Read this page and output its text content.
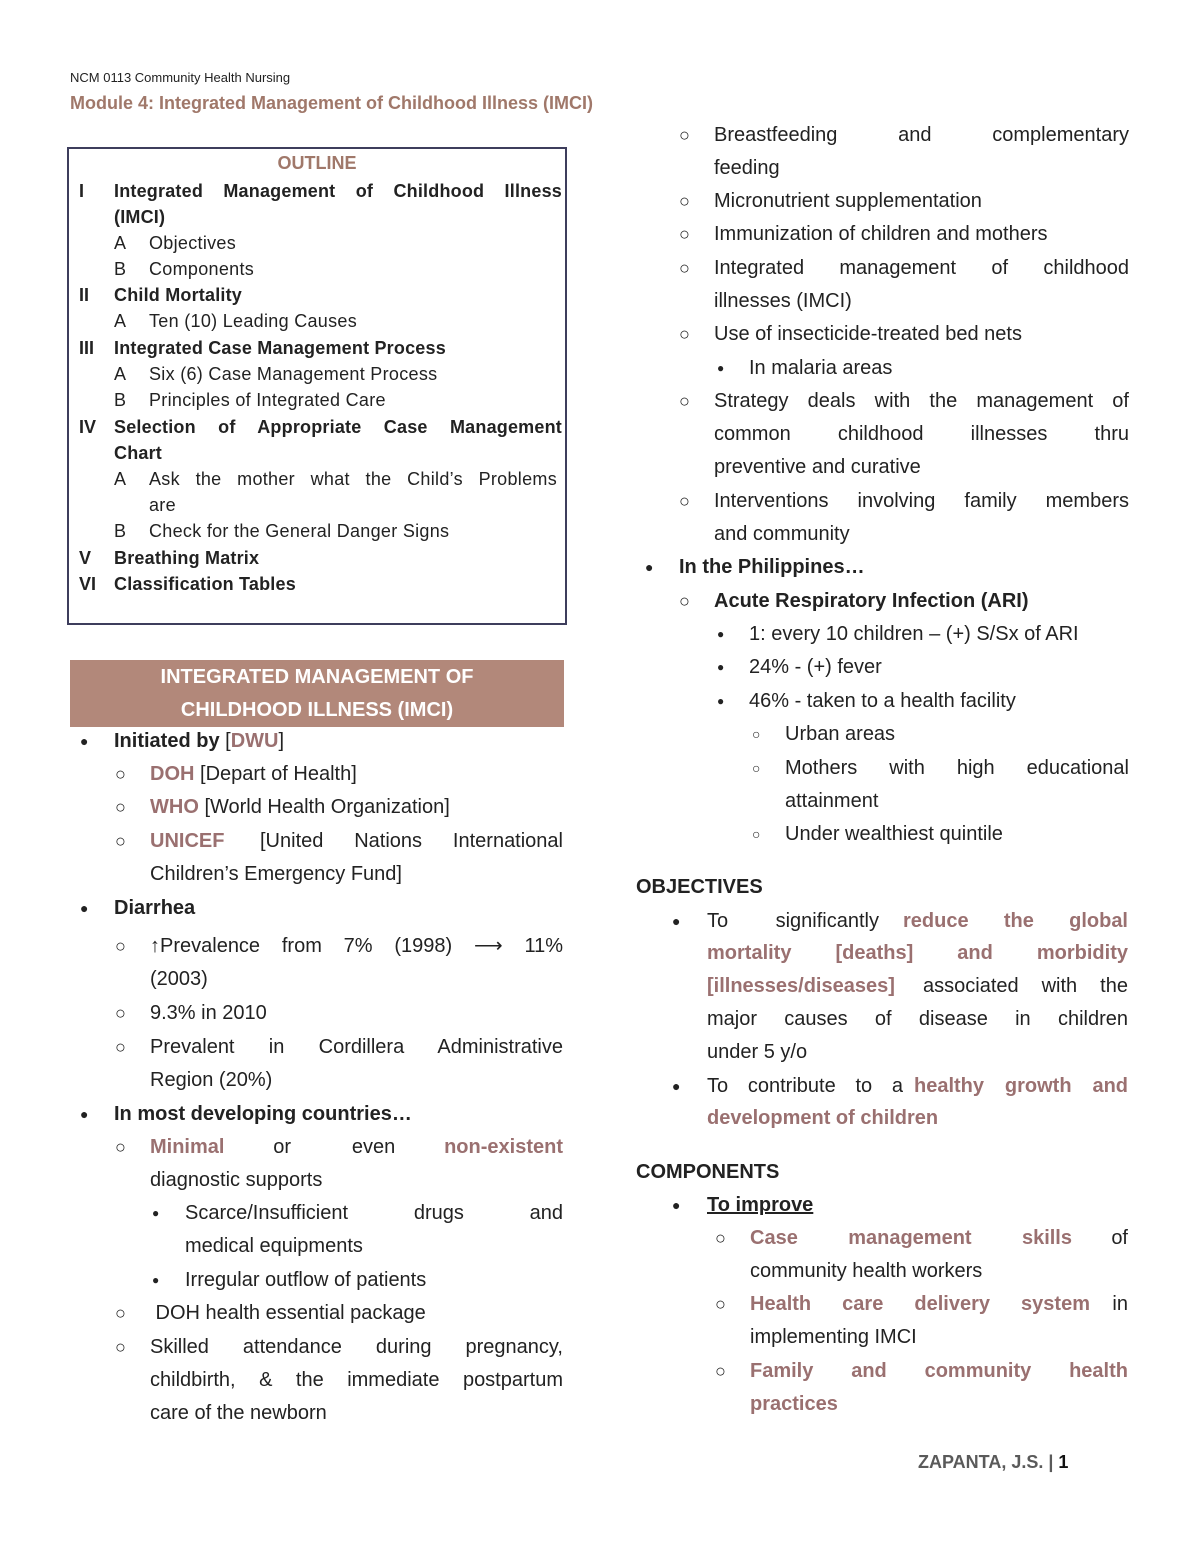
NCM 0113 Community Health Nursing
Module 4: Integrated Management of Childhood Illness (IMCI)
OUTLINE
I	Integrated Management of Childhood Illness
(IMCI)
A	Objectives
B	Components
II	Child Mortality
A	Ten (10) Leading Causes
III	Integrated Case Management Process
A	Six (6) Case Management Process
B	Principles of Integrated Care
IV Selection of Appropriate Case Management
Chart
A	Ask the mother what the Child’s Problems
are
B	Check for the General Danger Signs
V	Breathing Matrix
VI Classification Tables
INTEGRATED MANAGEMENT OF
CHILDHOOD ILLNESS (IMCI)
● Initiated by [DWU]
○ DOH [Depart of Health]
○ WHO [World Health Organization]
○ UNICEF [United Nations International
Children’s Emergency Fund]
● Diarrhea
○ ↑Prevalence from 7% (1998) ⟶ 11%
(2003)
○ 9.3% in 2010
○ Prevalent in Cordillera Administrative
Region (20%)
● In most developing countries…
○ Minimal or even non-existent
diagnostic supports
● Scarce/Insufficient drugs and
medical equipments
● Irregular outflow of patients
○ DOH health essential package
○ Skilled attendance during pregnancy,
childbirth, & the immediate postpartum
care of the newborn
○ Breastfeeding and complementary
feeding
○ Micronutrient supplementation
○ Immunization of children and mothers
○ Integrated management of childhood
illnesses (IMCI)
○ Use of insecticide-treated bed nets
● In malaria areas
○ Strategy deals with the management of
common childhood illnesses thru
preventive and curative
○ Interventions involving family members
and community
● In the Philippines…
○ Acute Respiratory Infection (ARI)
● 1: every 10 children – (+) S/Sx of ARI
● 24% - (+) fever
● 46% - taken to a health facility
○ Urban areas
○ Mothers with high educational
attainment
○ Under wealthiest quintile
OBJECTIVES
● To significantly reduce the global
mortality [deaths] and morbidity
[illnesses/diseases] associated with the
major causes of disease in children
under 5 y/o
● To contribute to a healthy growth and
development of children
COMPONENTS
● To improve
○ Case management skills of
community health workers
○ Health care delivery system in
implementing IMCI
○ Family and community health
practices
ZAPANTA, J.S. | 1
